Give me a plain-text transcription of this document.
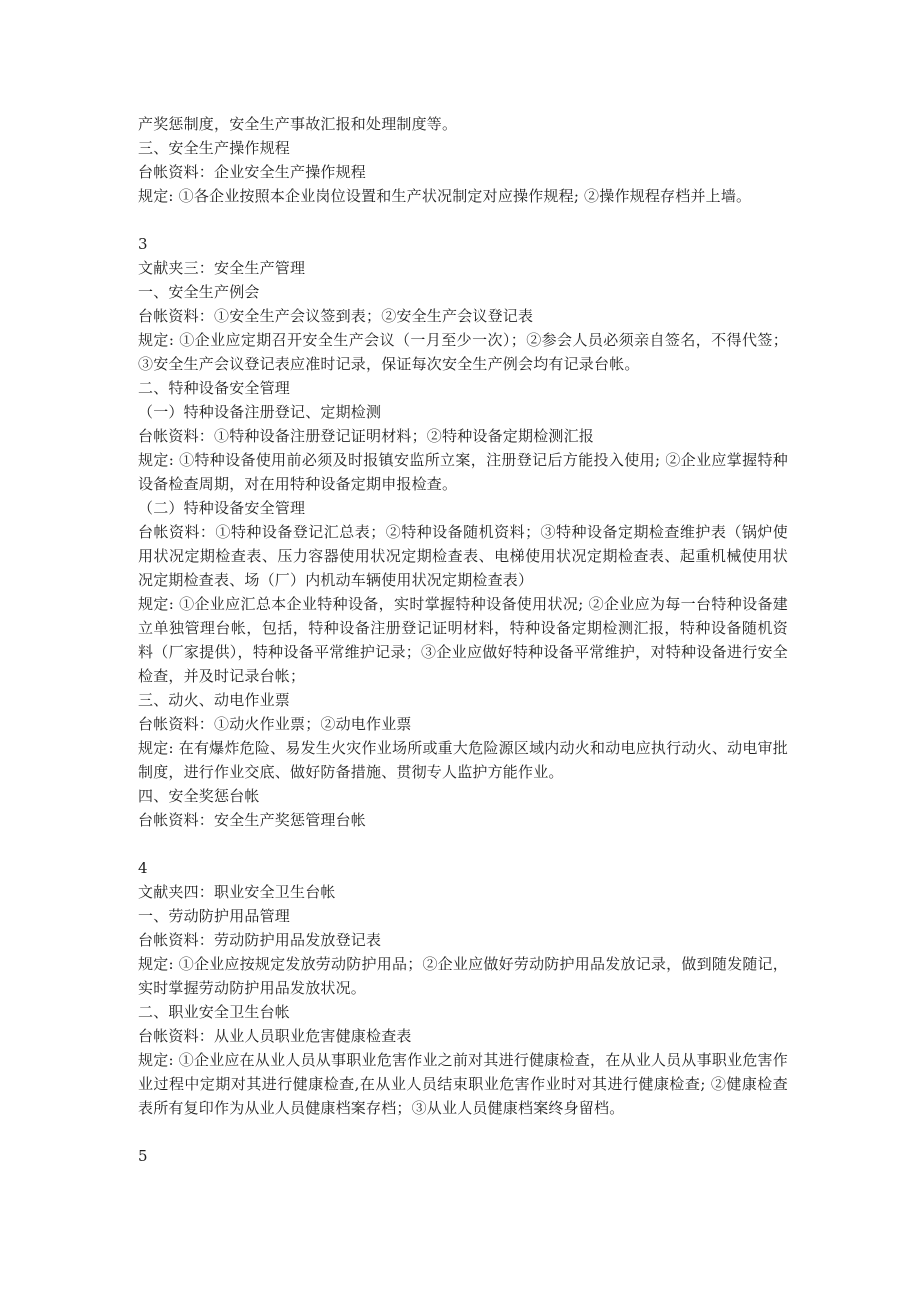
产奖惩制度，安全生产事故汇报和处理制度等。
三、安全生产操作规程
台帐资料：企业安全生产操作规程
规定: ①各企业按照本企业岗位设置和生产状况制定对应操作规程; ②操作规程存档并上墙。
3
文献夹三：安全生产管理
一、安全生产例会
台帐资料：①安全生产会议签到表；②安全生产会议登记表

规定: ①企业应定期召开安全生产会议（一月至少一次）；②参会人员必须亲自签名，不得代签；③安全生产会议登记表应准时记录，保证每次安全生产例会均有记录台帐。

二、特种设备安全管理
（一）特种设备注册登记、定期检测
台帐资料：①特种设备注册登记证明材料；②特种设备定期检测汇报

规定: ①特种设备使用前必须及时报镇安监所立案，注册登记后方能投入使用; ②企业应掌握特种设备检查周期，对在用特种设备定期申报检查。

（二）特种设备安全管理

台帐资料：①特种设备登记汇总表；②特种设备随机资料；③特种设备定期检查维护表（锅炉使用状况定期检查表、压力容器使用状况定期检查表、电梯使用状况定期检查表、起重机械使用状况定期检查表、场（厂）内机动车辆使用状况定期检查表）

规定: ①企业应汇总本企业特种设备，实时掌握特种设备使用状况; ②企业应为每一台特种设备建立单独管理台帐，包括，特种设备注册登记证明材料，特种设备定期检测汇报，特种设备随机资料（厂家提供），特种设备平常维护记录；③企业应做好特种设备平常维护，对特种设备进行安全检查，并及时记录台帐；

三、动火、动电作业票
台帐资料：①动火作业票；②动电作业票

规定: 在有爆炸危险、易发生火灾作业场所或重大危险源区域内动火和动电应执行动火、动电审批制度，进行作业交底、做好防备措施、贯彻专人监护方能作业。

四、安全奖惩台帐
台帐资料：安全生产奖惩管理台帐
4
文献夹四：职业安全卫生台帐
一、劳动防护用品管理
台帐资料：劳动防护用品发放登记表

规定: ①企业应按规定发放劳动防护用品；②企业应做好劳动防护用品发放记录，做到随发随记，实时掌握劳动防护用品发放状况。

二、职业安全卫生台帐
台帐资料：从业人员职业危害健康检查表

规定: ①企业应在从业人员从事职业危害作业之前对其进行健康检查，在从业人员从事职业危害作业过程中定期对其进行健康检查,在从业人员结束职业危害作业时对其进行健康检查; ②健康检查表所有复印作为从业人员健康档案存档；③从业人员健康档案终身留档。

5
